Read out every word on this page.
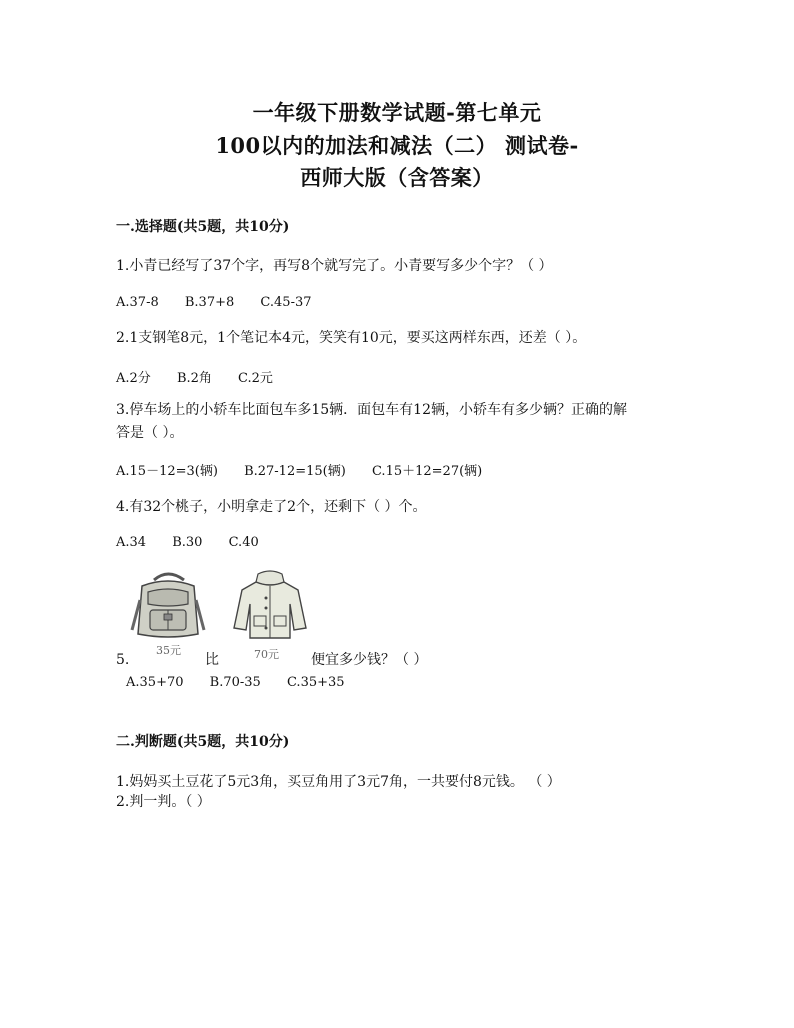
一年级下册数学试题-第七单元
100以内的加法和减法（二） 测试卷-
西师大版（含答案）
一.选择题(共5题，共10分)
1.小青已经写了37个字，再写8个就写完了。小青要写多少个字？（ ）
A.37-8 B.37+8 C.45-37
2.1支钢笔8元，1个笔记本4元，笑笑有10元，要买这两样东西，还差（ ）。
A.2分 B.2角 C.2元
3.停车场上的小轿车比面包车多15辆．面包车有12辆，小轿车有多少辆？正确的解
答是（ ）。
A.15－12=3(辆) B.27-12=15(辆) C.15＋12=27(辆)
4.有32个桃子，小明拿走了2个，还剩下（ ）个。
A.34 B.30 C.40
35元	70元
5.	比	便宜多少钱？（ ）
A.35+70 B.70-35 C.35+35
二.判断题(共5题，共10分)
1.妈妈买土豆花了5元3角，买豆角用了3元7角，一共要付8元钱。 （ ）
2.判一判。（ ）
